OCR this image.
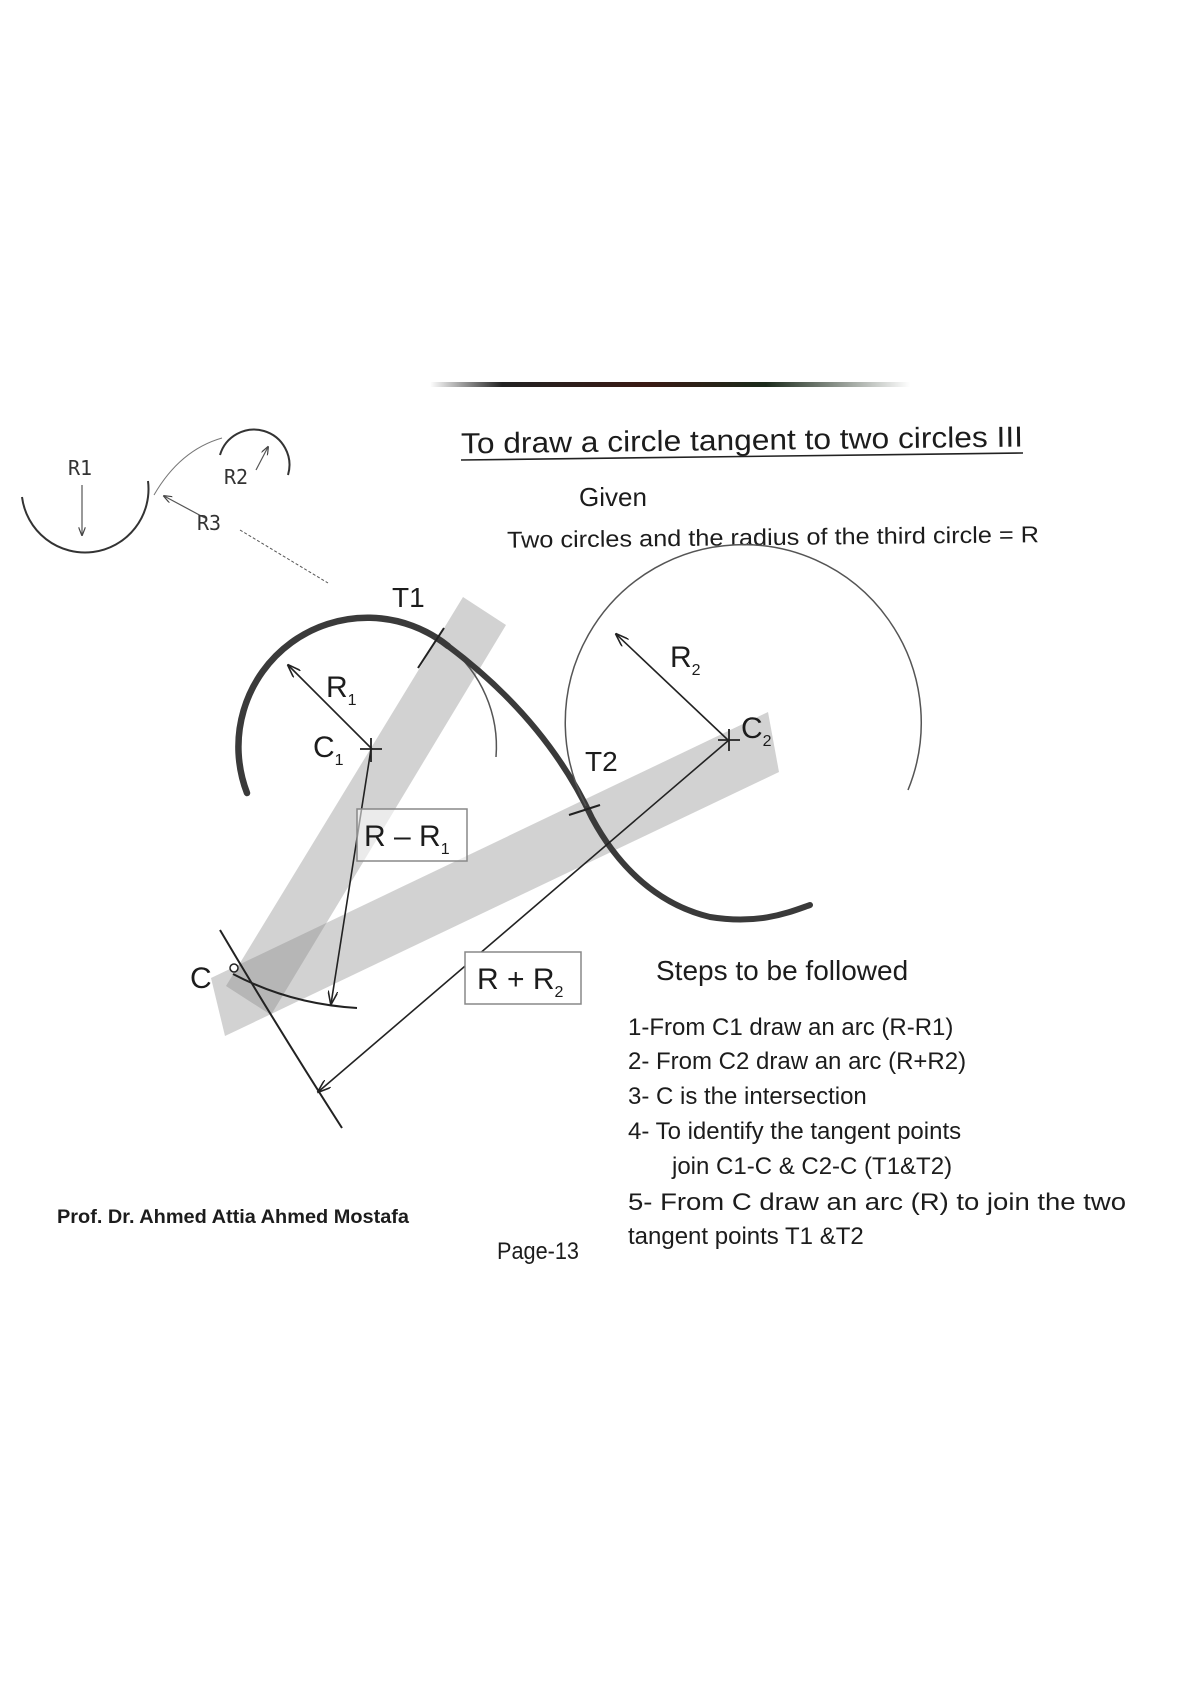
R1	R2
R3
To draw a circle tangent to two circles III
Given
Two circles and the radius of the third circle = R
T1
T2
$R_1$
$C_1$
$R_2$
$C_2$
C
R – $R_1$
$R + R_2$
Steps to be followed
1-From C1 draw an arc (R-R1)
2- From C2 draw an arc (R+R2)
3- C is the intersection
4- To identify the tangent points
join C1-C & C2-C (T1&T2)
5- From C draw an arc (R) to join the two
tangent points T1 &T2
Prof. Dr. Ahmed Attia Ahmed Mostafa
Page-13
